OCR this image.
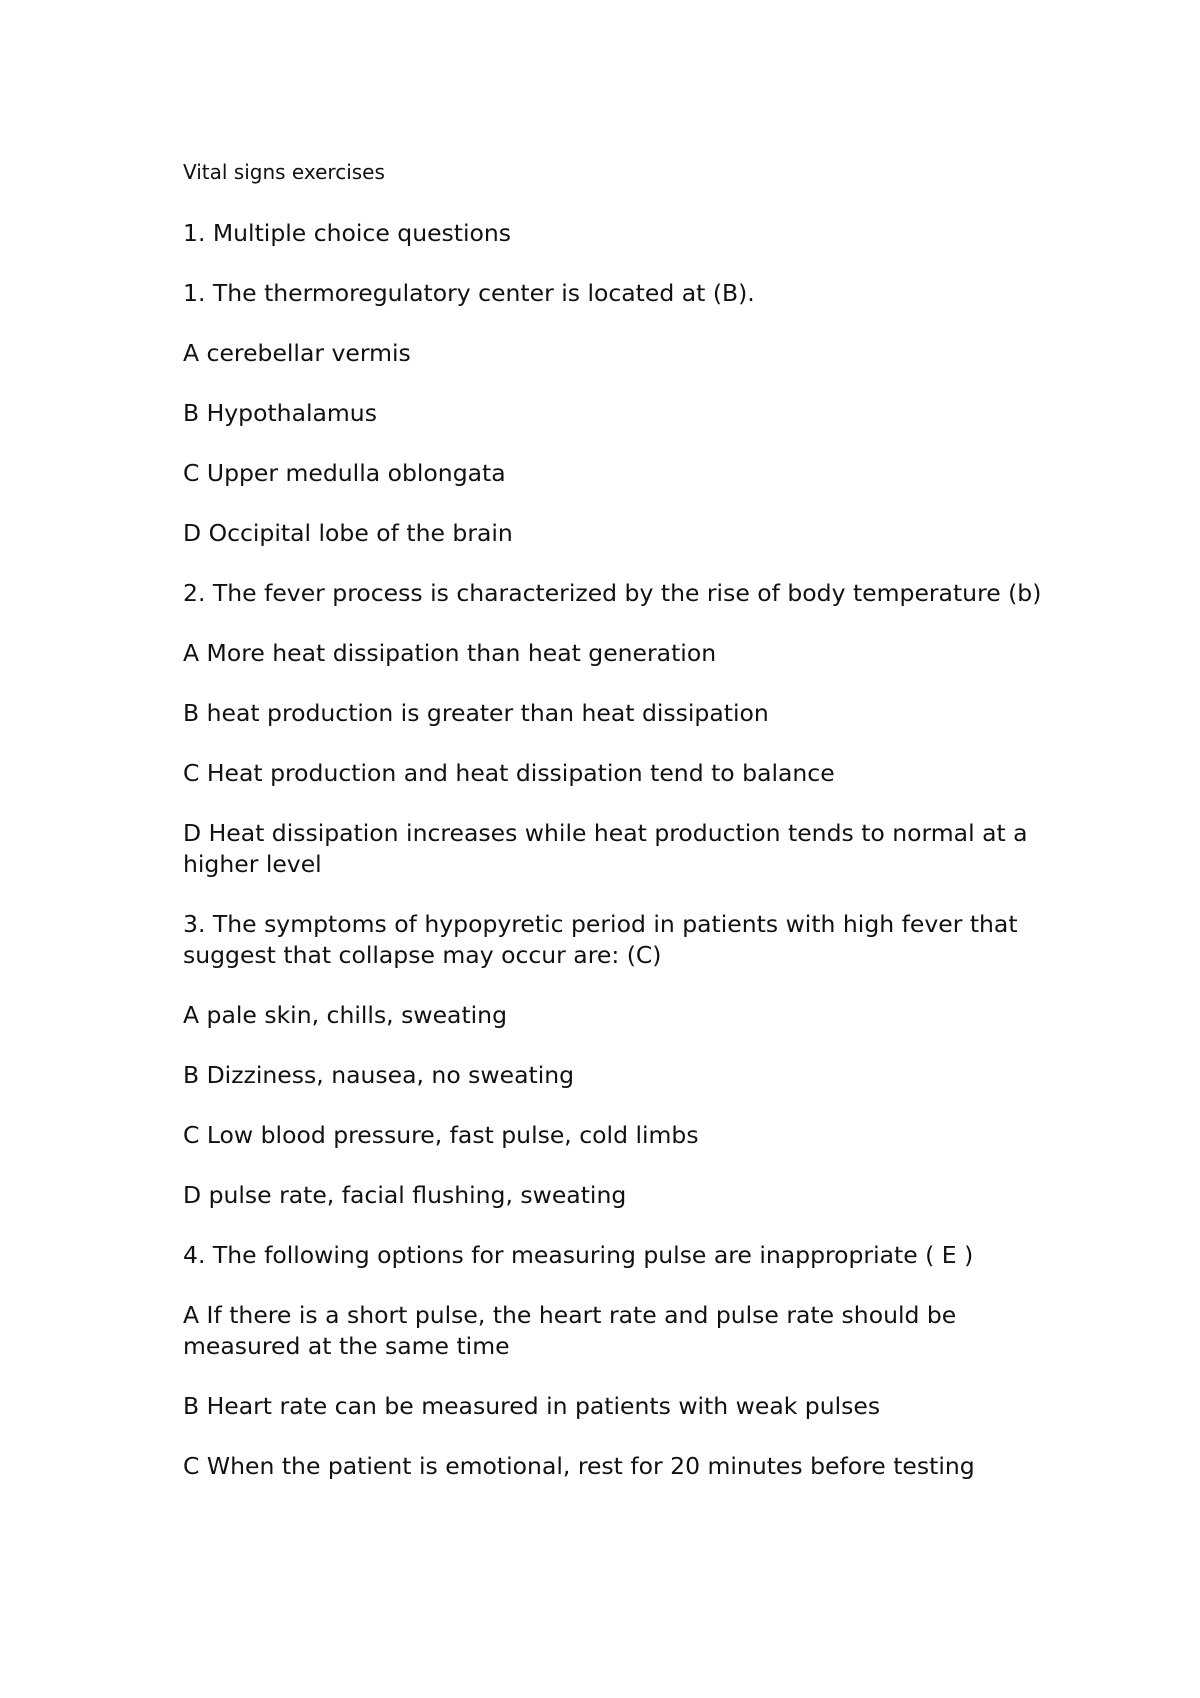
Vital signs exercises

1. Multiple choice questions

1. The thermoregulatory center is located at (B).

A cerebellar vermis

B Hypothalamus

C Upper medulla oblongata

D Occipital lobe of the brain

2. The fever process is characterized by the rise of body temperature (b)

A More heat dissipation than heat generation

B heat production is greater than heat dissipation

C Heat production and heat dissipation tend to balance

D Heat dissipation increases while heat production tends to normal at a higher level

3. The symptoms of hypopyretic period in patients with high fever that suggest that collapse may occur are: (C)

A pale skin, chills, sweating

B Dizziness, nausea, no sweating

C Low blood pressure, fast pulse, cold limbs

D pulse rate, facial flushing, sweating

4. The following options for measuring pulse are inappropriate ( E )

A If there is a short pulse, the heart rate and pulse rate should be measured at the same time

B Heart rate can be measured in patients with weak pulses

C When the patient is emotional, rest for 20 minutes before testing
